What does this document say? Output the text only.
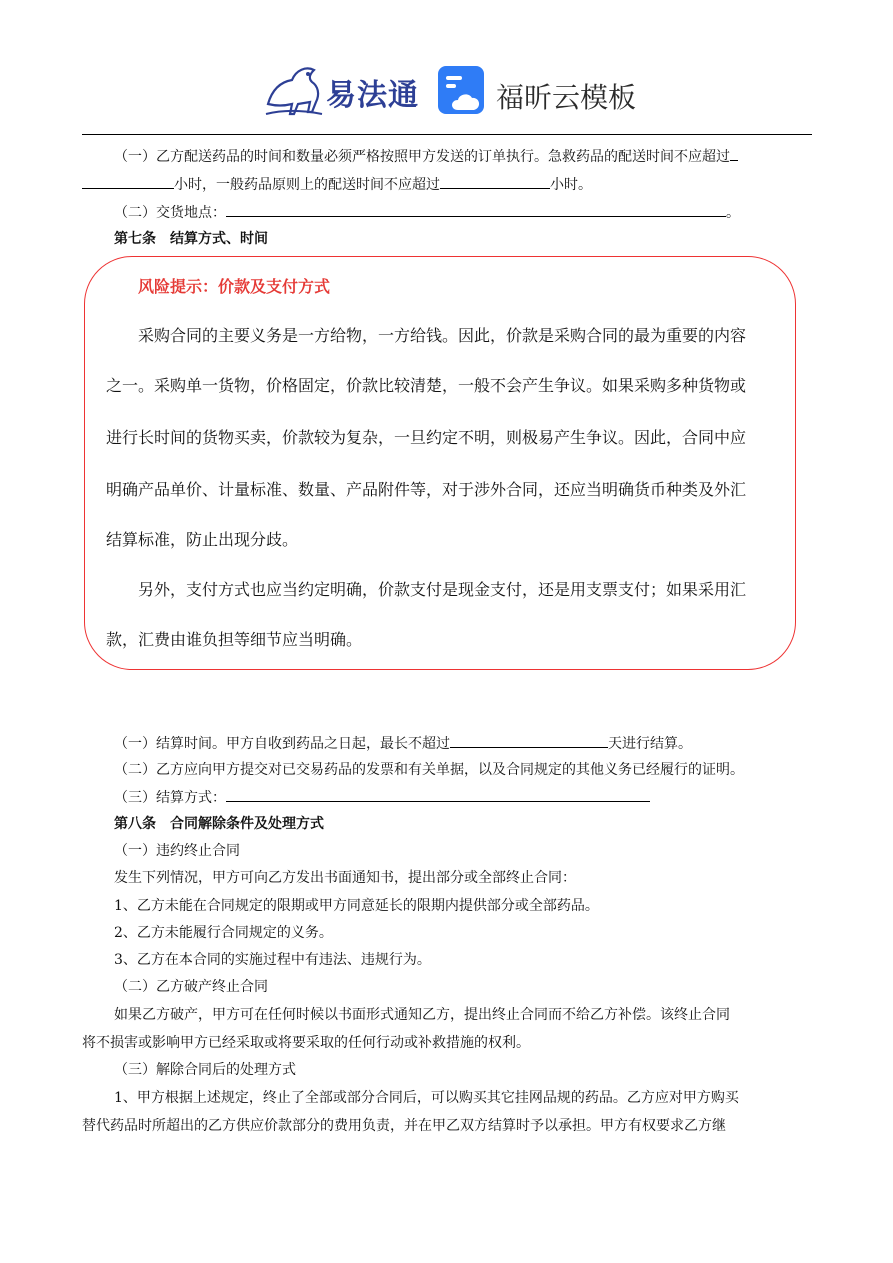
易法通	福昕云模板
（一）乙方配送药品的时间和数量必须严格按照甲方发送的订单执行。急救药品的配送时间不应超过
小时，一般药品原则上的配送时间不应超过	小时。
（二）交货地点：	。
第七条　结算方式、时间
风险提示：价款及支付方式
采购合同的主要义务是一方给物，一方给钱。因此，价款是采购合同的最为重要的内容
之一。采购单一货物，价格固定，价款比较清楚，一般不会产生争议。如果采购多种货物或
进行长时间的货物买卖，价款较为复杂，一旦约定不明，则极易产生争议。因此，合同中应
明确产品单价、计量标准、数量、产品附件等，对于涉外合同，还应当明确货币种类及外汇
结算标准，防止出现分歧。
另外，支付方式也应当约定明确，价款支付是现金支付，还是用支票支付；如果采用汇
款，汇费由谁负担等细节应当明确。
（一）结算时间。甲方自收到药品之日起，最长不超过	天进行结算。
（二）乙方应向甲方提交对已交易药品的发票和有关单据，以及合同规定的其他义务已经履行的证明。
（三）结算方式：
第八条　合同解除条件及处理方式
（一）违约终止合同
发生下列情况，甲方可向乙方发出书面通知书，提出部分或全部终止合同：
1、乙方未能在合同规定的限期或甲方同意延长的限期内提供部分或全部药品。
2、乙方未能履行合同规定的义务。
3、乙方在本合同的实施过程中有违法、违规行为。
（二）乙方破产终止合同
如果乙方破产，甲方可在任何时候以书面形式通知乙方，提出终止合同而不给乙方补偿。该终止合同
将不损害或影响甲方已经采取或将要采取的任何行动或补救措施的权利。
（三）解除合同后的处理方式
1、甲方根据上述规定，终止了全部或部分合同后，可以购买其它挂网品规的药品。乙方应对甲方购买
替代药品时所超出的乙方供应价款部分的费用负责，并在甲乙双方结算时予以承担。甲方有权要求乙方继
